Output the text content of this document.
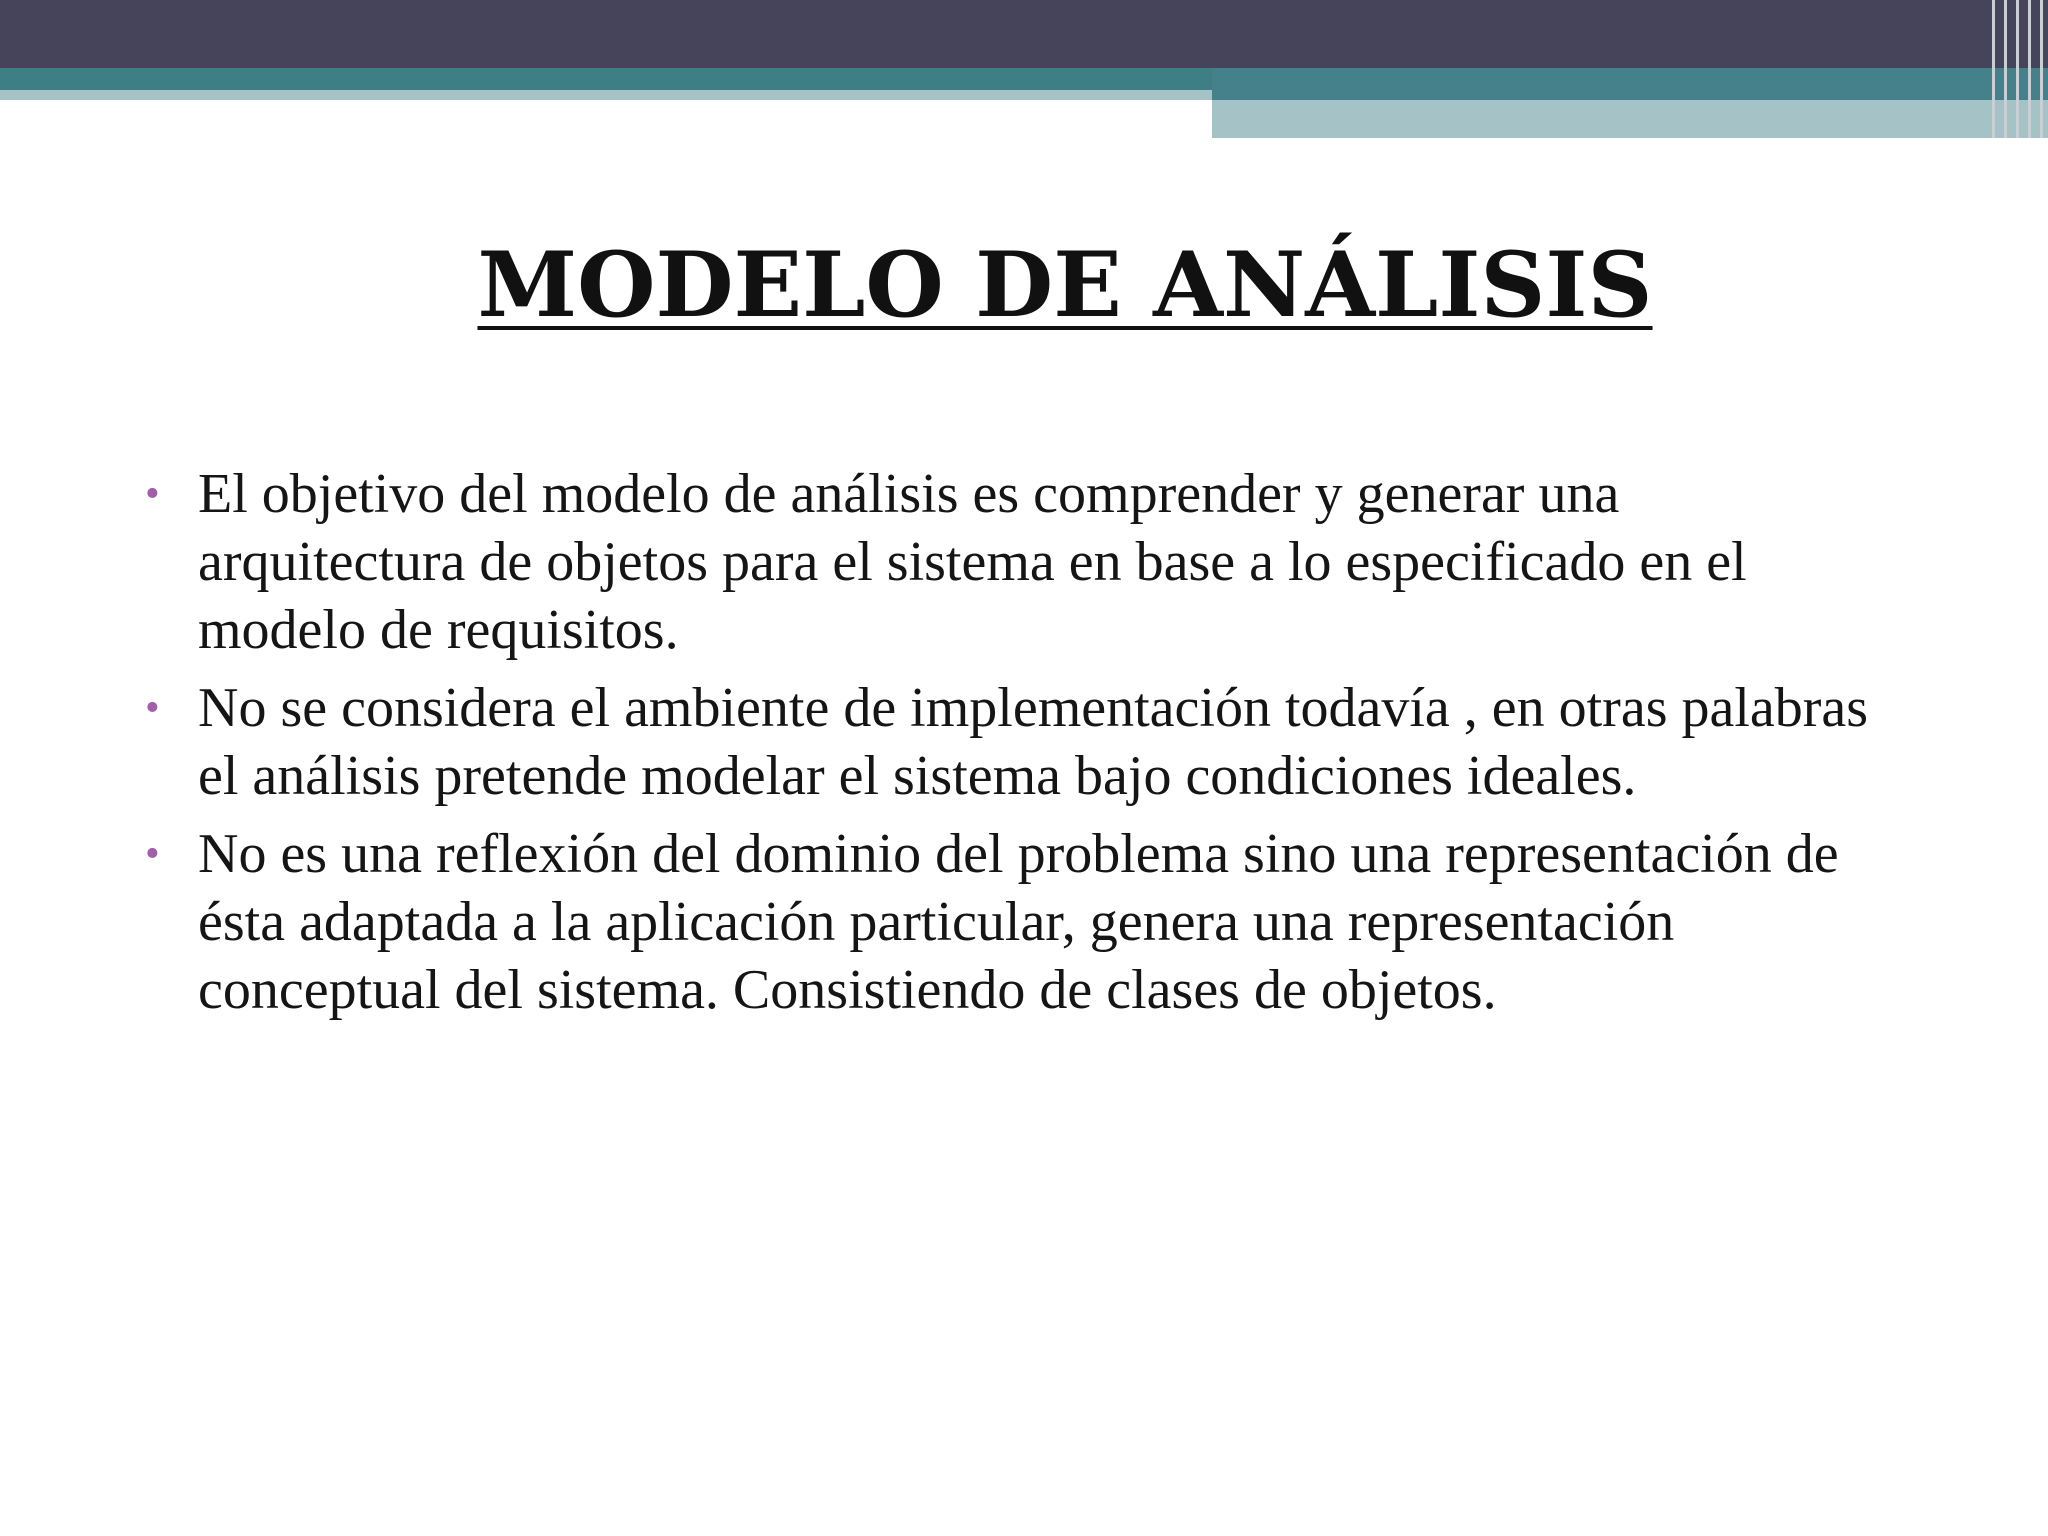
MODELO DE ANÁLISIS
• El objetivo del modelo de análisis es comprender y generar una arquitectura de objetos para el sistema en base a lo especificado en el modelo de requisitos.
• No se considera el ambiente de implementación todavía , en otras palabras el análisis pretende modelar el sistema bajo condiciones ideales.
• No es una reflexión del dominio del problema sino una representación de ésta adaptada a la aplicación particular, genera una representación conceptual del sistema. Consistiendo de clases de objetos.
